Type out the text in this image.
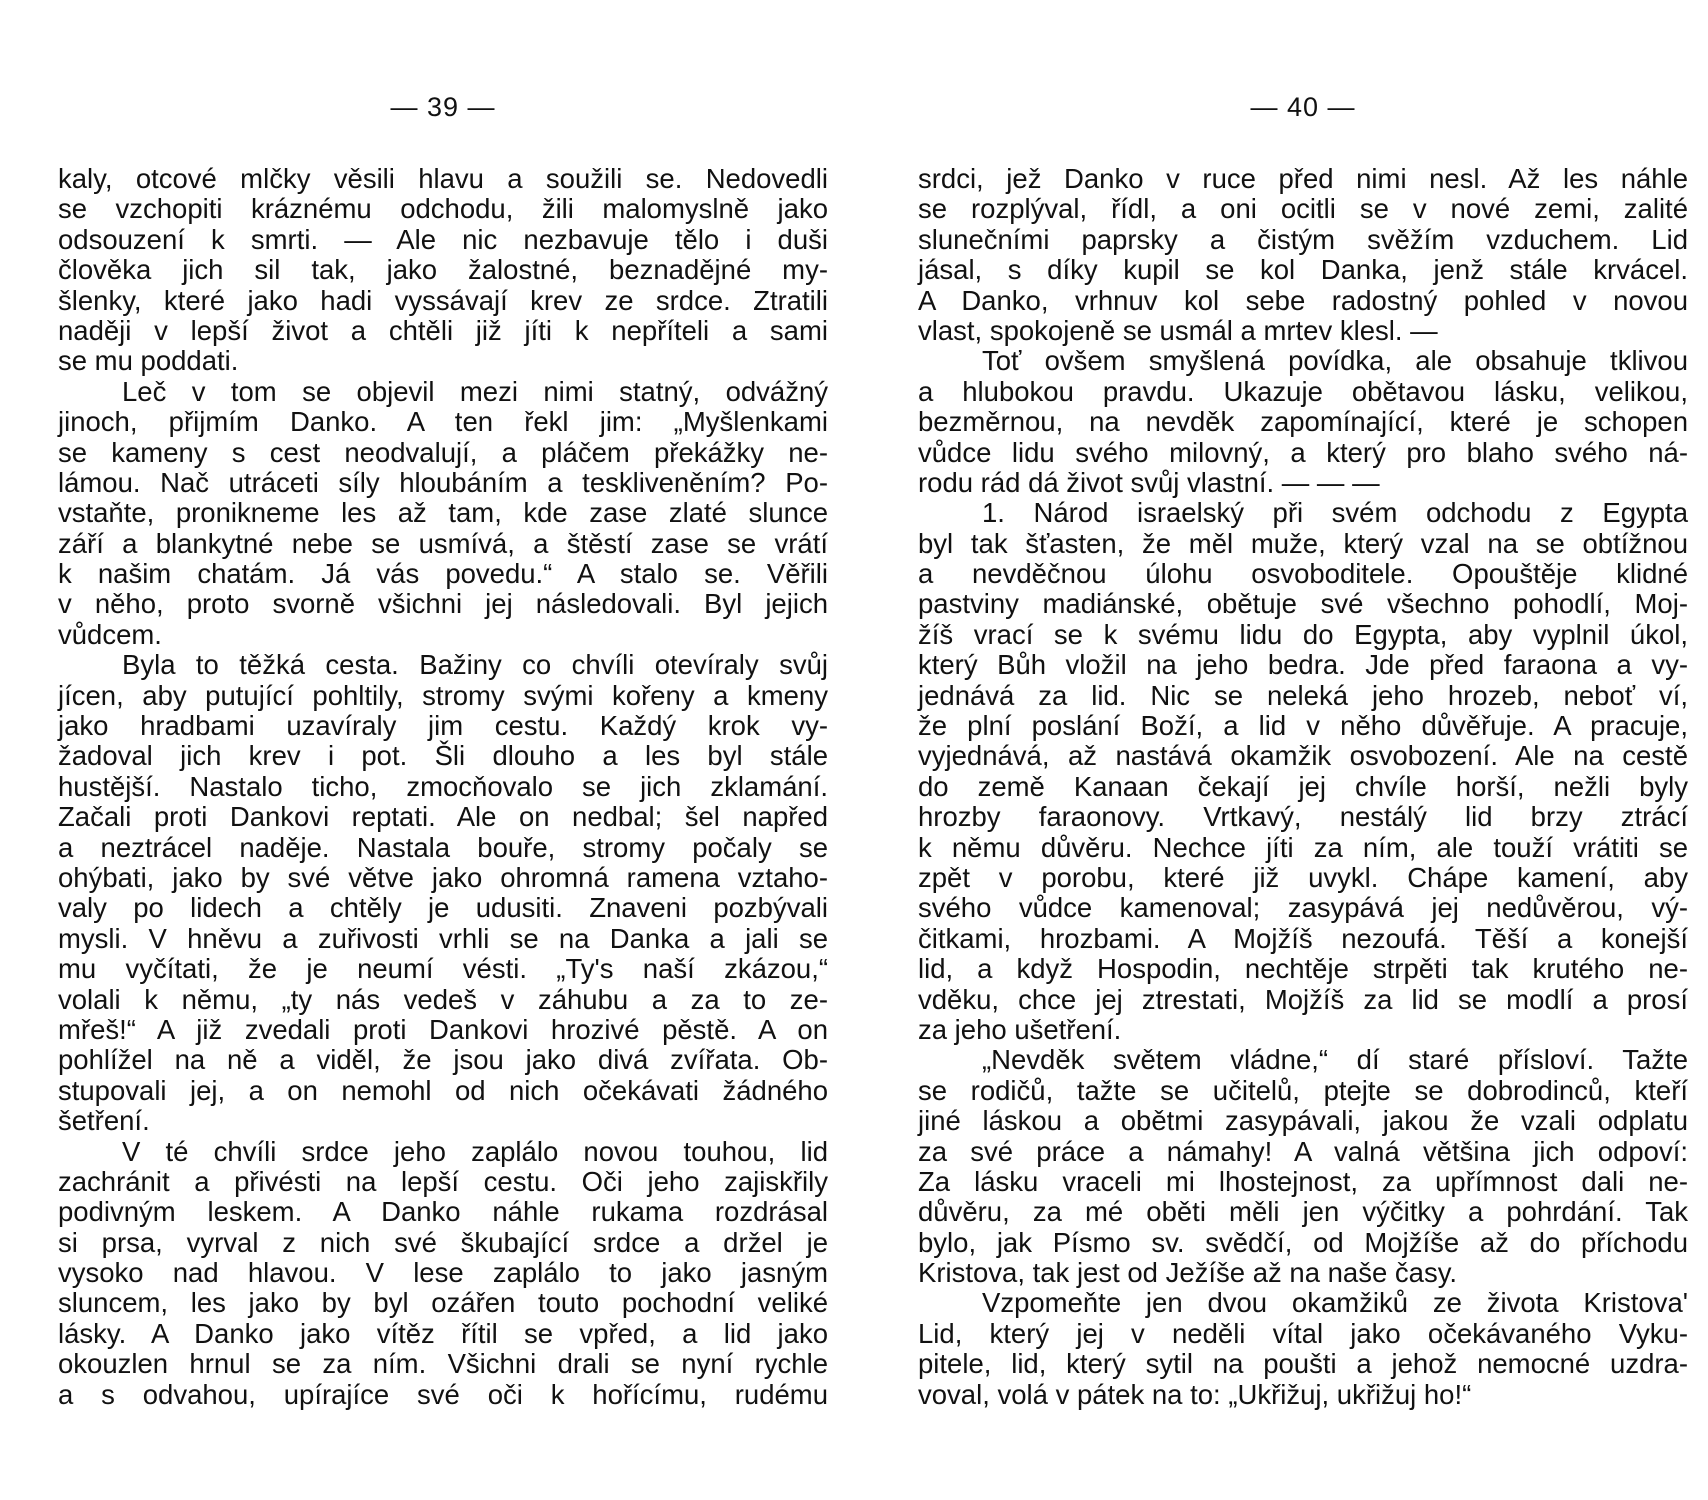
— 39 —
kaly, otcové mlčky věsili hlavu a soužili se. Nedovedli
se vzchopiti kráznému odchodu, žili malomyslně jako
odsouzení k smrti. — Ale nic nezbavuje tělo i duši
člověka jich sil tak, jako žalostné, beznadějné my-
šlenky, které jako hadi vyssávají krev ze srdce. Ztratili
naději v lepší život a chtěli již jíti k nepříteli a sami
se mu poddati.
Leč v tom se objevil mezi nimi statný, odvážný
jinoch, přijmím Danko. A ten řekl jim: „Myšlenkami
se kameny s cest neodvalují, a pláčem překážky ne-
lámou. Nač utráceti síly hloubáním a teskliveněním? Po-
vstaňte, pronikneme les až tam, kde zase zlaté slunce
září a blankytné nebe se usmívá, a štěstí zase se vrátí
k našim chatám. Já vás povedu.“ A stalo se. Věřili
v něho, proto svorně všichni jej následovali. Byl jejich
vůdcem.
Byla to těžká cesta. Bažiny co chvíli otevíraly svůj
jícen, aby putující pohltily, stromy svými kořeny a kmeny
jako hradbami uzavíraly jim cestu. Každý krok vy-
žadoval jich krev i pot. Šli dlouho a les byl stále
hustější. Nastalo ticho, zmocňovalo se jich zklamání.
Začali proti Dankovi reptati. Ale on nedbal; šel napřed
a neztrácel naděje. Nastala bouře, stromy počaly se
ohýbati, jako by své větve jako ohromná ramena vztaho-
valy po lidech a chtěly je udusiti. Znaveni pozbývali
mysli. V hněvu a zuřivosti vrhli se na Danka a jali se
mu vyčítati, že je neumí vésti. „Ty's naší zkázou,“
volali k němu, „ty nás vedeš v záhubu a za to ze-
mřeš!“ A již zvedali proti Dankovi hrozivé pěstě. A on
pohlížel na ně a viděl, že jsou jako divá zvířata. Ob-
stupovali jej, a on nemohl od nich očekávati žádného
šetření.
V té chvíli srdce jeho zaplálo novou touhou, lid
zachránit a přivésti na lepší cestu. Oči jeho zajiskřily
podivným leskem. A Danko náhle rukama rozdrásal
si prsa, vyrval z nich své škubající srdce a držel je
vysoko nad hlavou. V lese zaplálo to jako jasným
sluncem, les jako by byl ozářen touto pochodní veliké
lásky. A Danko jako vítěz řítil se vpřed, a lid jako
okouzlen hrnul se za ním. Všichni drali se nyní rychle
a s odvahou, upírajíce své oči k hořícímu, rudému
— 40 —
srdci, jež Danko v ruce před nimi nesl. Až les náhle
se rozplýval, řídl, a oni ocitli se v nové zemi, zalité
slunečními paprsky a čistým svěžím vzduchem. Lid
jásal, s díky kupil se kol Danka, jenž stále krvácel.
A Danko, vrhnuv kol sebe radostný pohled v novou
vlast, spokojeně se usmál a mrtev klesl. —
Toť ovšem smyšlená povídka, ale obsahuje tklivou
a hlubokou pravdu. Ukazuje obětavou lásku, velikou,
bezměrnou, na nevděk zapomínající, které je schopen
vůdce lidu svého milovný, a který pro blaho svého ná-
rodu rád dá život svůj vlastní. — — —
1. Národ israelský při svém odchodu z Egypta
byl tak šťasten, že měl muže, který vzal na se obtížnou
a nevděčnou úlohu osvoboditele. Opouštěje klidné
pastviny madiánské, obětuje své všechno pohodlí, Moj-
žíš vrací se k svému lidu do Egypta, aby vyplnil úkol,
který Bůh vložil na jeho bedra. Jde před faraona a vy-
jednává za lid. Nic se neleká jeho hrozeb, neboť ví,
že plní poslání Boží, a lid v něho důvěřuje. A pracuje,
vyjednává, až nastává okamžik osvobození. Ale na cestě
do země Kanaan čekají jej chvíle horší, nežli byly
hrozby faraonovy. Vrtkavý, nestálý lid brzy ztrácí
k němu důvěru. Nechce jíti za ním, ale touží vrátiti se
zpět v porobu, které již uvykl. Chápe kamení, aby
svého vůdce kamenoval; zasypává jej nedůvěrou, vý-
čitkami, hrozbami. A Mojžíš nezoufá. Těší a konejší
lid, a když Hospodin, nechtěje strpěti tak krutého ne-
vděku, chce jej ztrestati, Mojžíš za lid se modlí a prosí
za jeho ušetření.
„Nevděk světem vládne,“ dí staré přísloví. Tažte
se rodičů, tažte se učitelů, ptejte se dobrodinců, kteří
jiné láskou a obětmi zasypávali, jakou že vzali odplatu
za své práce a námahy! A valná většina jich odpoví:
Za lásku vraceli mi lhostejnost, za upřímnost dali ne-
důvěru, za mé oběti měli jen výčitky a pohrdání. Tak
bylo, jak Písmo sv. svědčí, od Mojžíše až do příchodu
Kristova, tak jest od Ježíše až na naše časy.
Vzpomeňte jen dvou okamžiků ze života Kristova'
Lid, který jej v neděli vítal jako očekávaného Vyku-
pitele, lid, který sytil na poušti a jehož nemocné uzdra-
voval, volá v pátek na to: „Ukřižuj, ukřižuj ho!“
